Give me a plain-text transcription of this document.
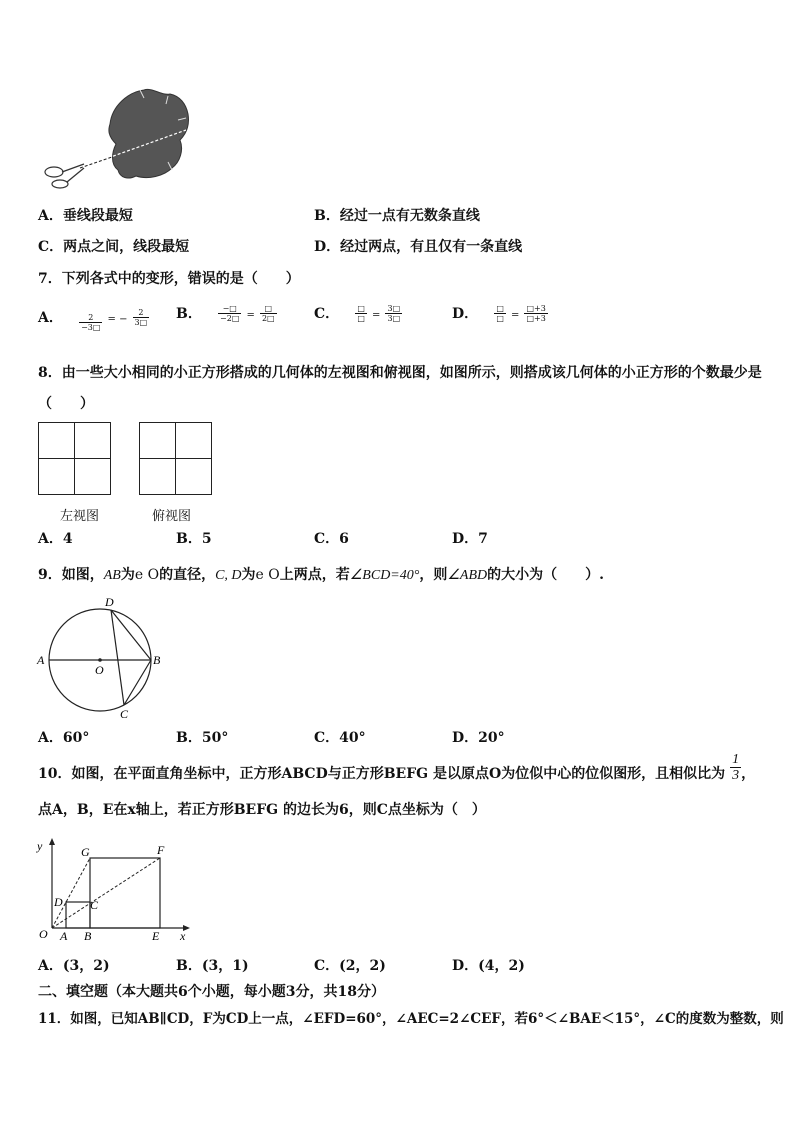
A．垂线段最短	B．经过一点有无数条直线
C．两点之间，线段最短	D．经过两点，有且仅有一条直线
7．下列各式中的变形，错误的是（　　）
A． $\frac{2}{-3□}$ = − $\frac{2}{3□}$ B． $\frac{-□}{-2□} = \frac{□}{2□}$	C． $\frac{□}{□} = \frac{3□}{3□}$	D． $\frac{□}{□} = \frac{□+3}{□+3}$
8．由一些大小相同的小正方形搭成的几何体的左视图和俯视图，如图所示，则搭成该几何体的小正方形的个数最少是
（　　）
左视图	俯视图
A．4	B．5	C．6	D．7
9．如图，AB为e O的直径，C, D为e O上两点，若∠BCD=40°，则∠ABD的大小为（　　）.
A	B
D
C
O
A．60°	B．50°	C．40°	D．20°
10．如图，在平面直角坐标中，正方形ABCD与正方形BEFG 是以原点O为位似中心的位似图形，且相似比为 $\frac{1}{3}$ ，
点A，B，E在x轴上，若正方形BEFG 的边长为6，则C点坐标为（　）
y
x
G	F
D C
O A B	E
A．(3，2)	B．(3，1)	C．(2，2)	D．(4，2)
二、填空题（本大题共6个小题，每小题3分，共18分）
11．如图，已知AB∥CD，F为CD上一点，∠EFD=60°，∠AEC=2∠CEF，若6°＜∠BAE＜15°，∠C的度数为整数，则
